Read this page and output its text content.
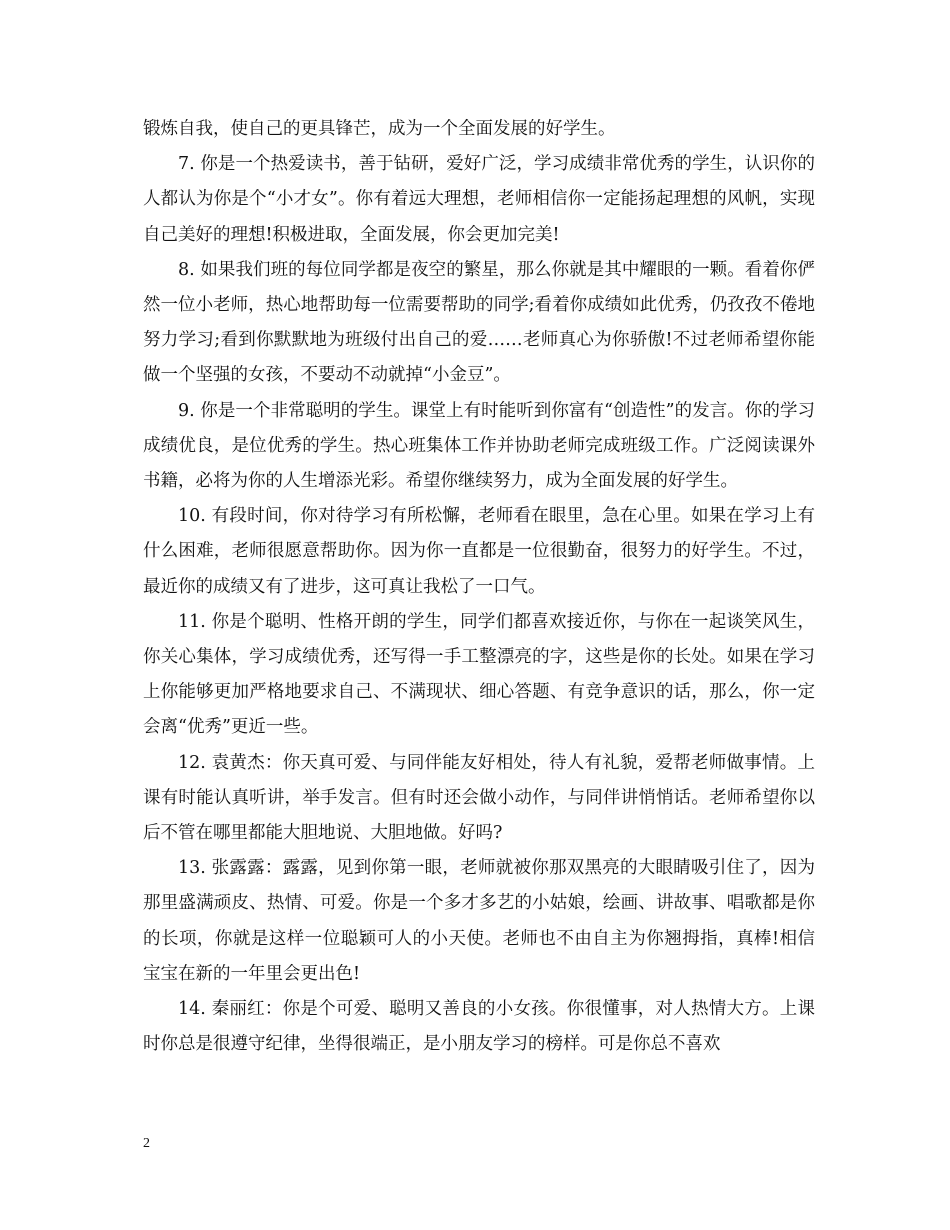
锻炼自我，使自己的更具锋芒，成为一个全面发展的好学生。

7. 你是一个热爱读书，善于钻研，爱好广泛，学习成绩非常优秀的学生，认识你的人都认为你是个“小才女”。你有着远大理想，老师相信你一定能扬起理想的风帆，实现自己美好的理想!积极进取，全面发展，你会更加完美!

8. 如果我们班的每位同学都是夜空的繁星，那么你就是其中耀眼的一颗。看着你俨然一位小老师，热心地帮助每一位需要帮助的同学;看着你成绩如此优秀，仍孜孜不倦地努力学习;看到你默默地为班级付出自己的爱……老师真心为你骄傲!不过老师希望你能做一个坚强的女孩，不要动不动就掉“小金豆”。

9. 你是一个非常聪明的学生。课堂上有时能听到你富有“创造性”的发言。你的学习成绩优良，是位优秀的学生。热心班集体工作并协助老师完成班级工作。广泛阅读课外书籍，必将为你的人生增添光彩。希望你继续努力，成为全面发展的好学生。

10. 有段时间，你对待学习有所松懈，老师看在眼里，急在心里。如果在学习上有什么困难，老师很愿意帮助你。因为你一直都是一位很勤奋，很努力的好学生。不过，最近你的成绩又有了进步，这可真让我松了一口气。

11. 你是个聪明、性格开朗的学生，同学们都喜欢接近你，与你在一起谈笑风生，你关心集体，学习成绩优秀，还写得一手工整漂亮的字，这些是你的长处。如果在学习上你能够更加严格地要求自己、不满现状、细心答题、有竞争意识的话，那么，你一定会离“优秀”更近一些。

12. 袁黄杰：你天真可爱、与同伴能友好相处，待人有礼貌，爱帮老师做事情。上课有时能认真听讲，举手发言。但有时还会做小动作，与同伴讲悄悄话。老师希望你以后不管在哪里都能大胆地说、大胆地做。好吗?

13. 张露露：露露，见到你第一眼，老师就被你那双黑亮的大眼睛吸引住了，因为那里盛满顽皮、热情、可爱。你是一个多才多艺的小姑娘，绘画、讲故事、唱歌都是你的长项，你就是这样一位聪颖可人的小天使。老师也不由自主为你翘拇指，真棒!相信宝宝在新的一年里会更出色!

14. 秦丽红：你是个可爱、聪明又善良的小女孩。你很懂事，对人热情大方。上课时你总是很遵守纪律，坐得很端正，是小朋友学习的榜样。可是你总不喜欢

2
